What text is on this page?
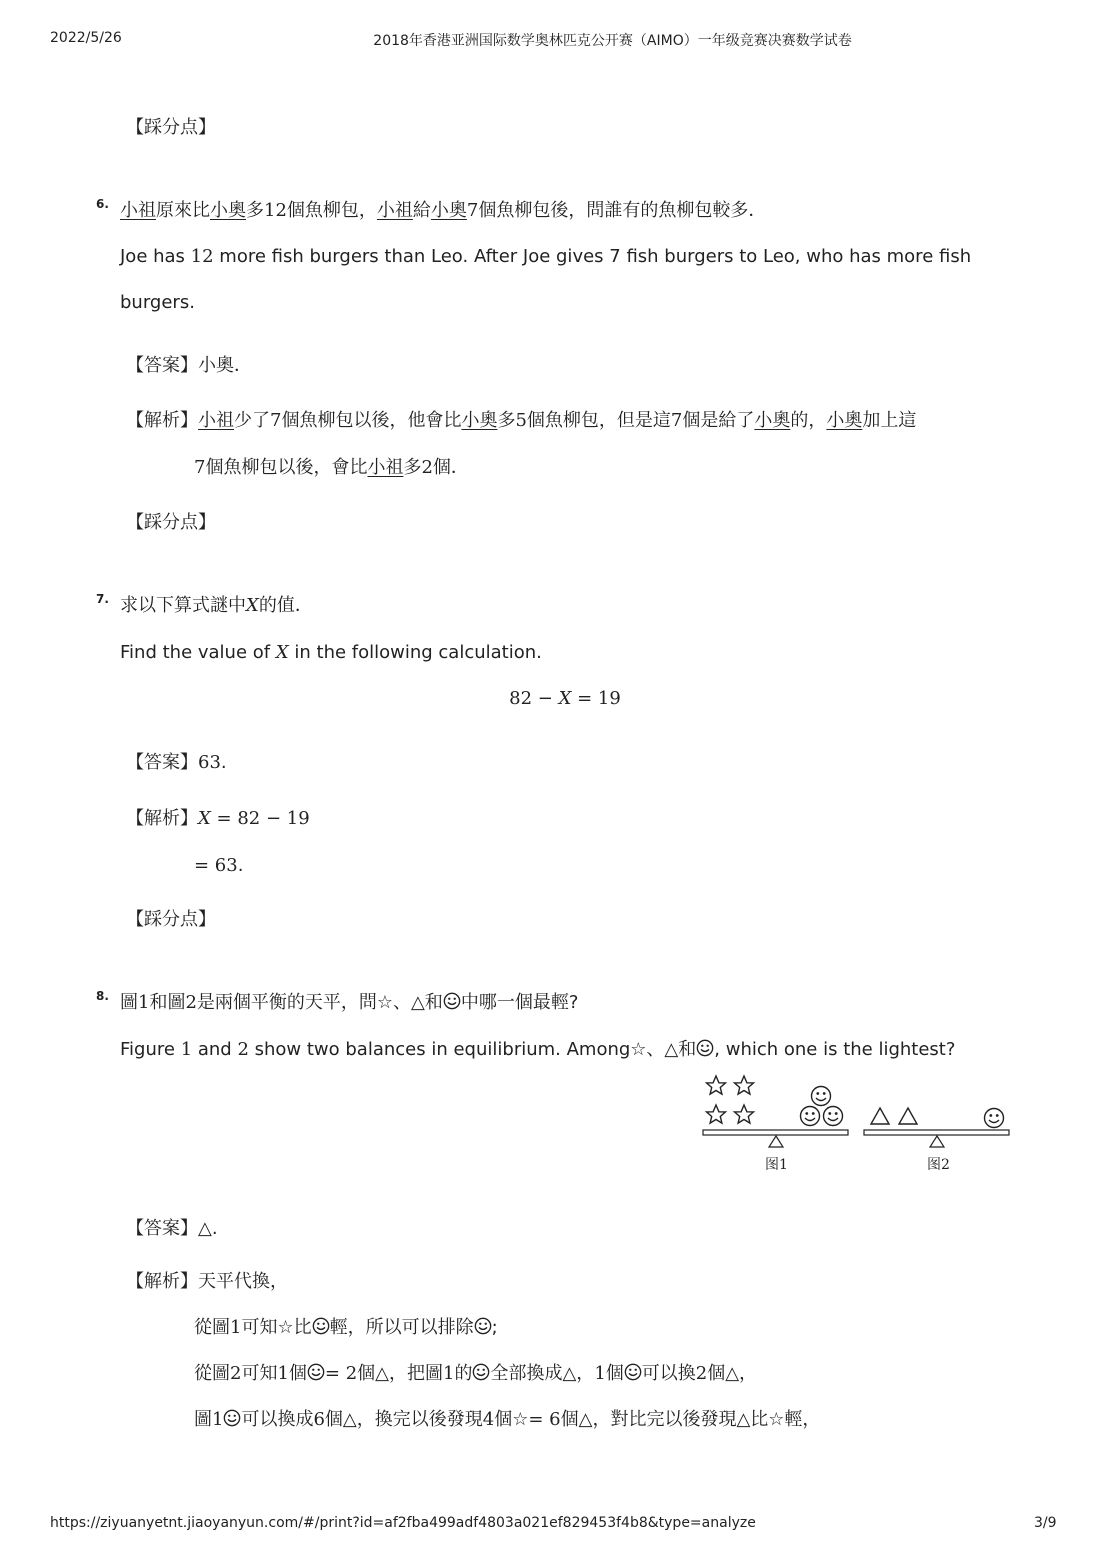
2022/5/26	2018年香港亚洲国际数学奥林匹克公开赛（AIMO）一年级竞赛决赛数学试卷
https://ziyuanyetnt.jiaoyanyun.com/#/print?id=af2fba499adf4803a021ef829453f4b8&type=analyze	3/9
【踩分点】
6. 小祖原來比小奧多12個魚柳包，小祖給小奧7個魚柳包後，問誰有的魚柳包較多．
Joe has 12 more fish burgers than Leo. After Joe gives 7 fish burgers to Leo, who has more fish
burgers.
【答案】小奧．
【解析】小祖少了7個魚柳包以後，他會比小奧多5個魚柳包，但是這7個是給了小奧的，小奧加上這
7個魚柳包以後，會比小祖多2個．
【踩分点】
7. 求以下算式謎中X的值．
Find the value of X in the following calculation.
82 − X = 19
【答案】63.
【解析】X = 82 − 19
= 63.
【踩分点】
8. 圖1和圖2是兩個平衡的天平，問☆、△和 中哪一個最輕?
Figure 1 and 2 show two balances in equilibrium. Among☆、△和 , which one is the lightest?
图1	图2
【答案】△.
【解析】天平代換，
從圖1可知☆比 輕，所以可以排除 ;
從圖2可知1個 = 2個△，把圖1的 全部換成△，1個 可以換2個△，
圖1 可以換成6個△，換完以後發現4個☆= 6個△，對比完以後發現△比☆輕，
